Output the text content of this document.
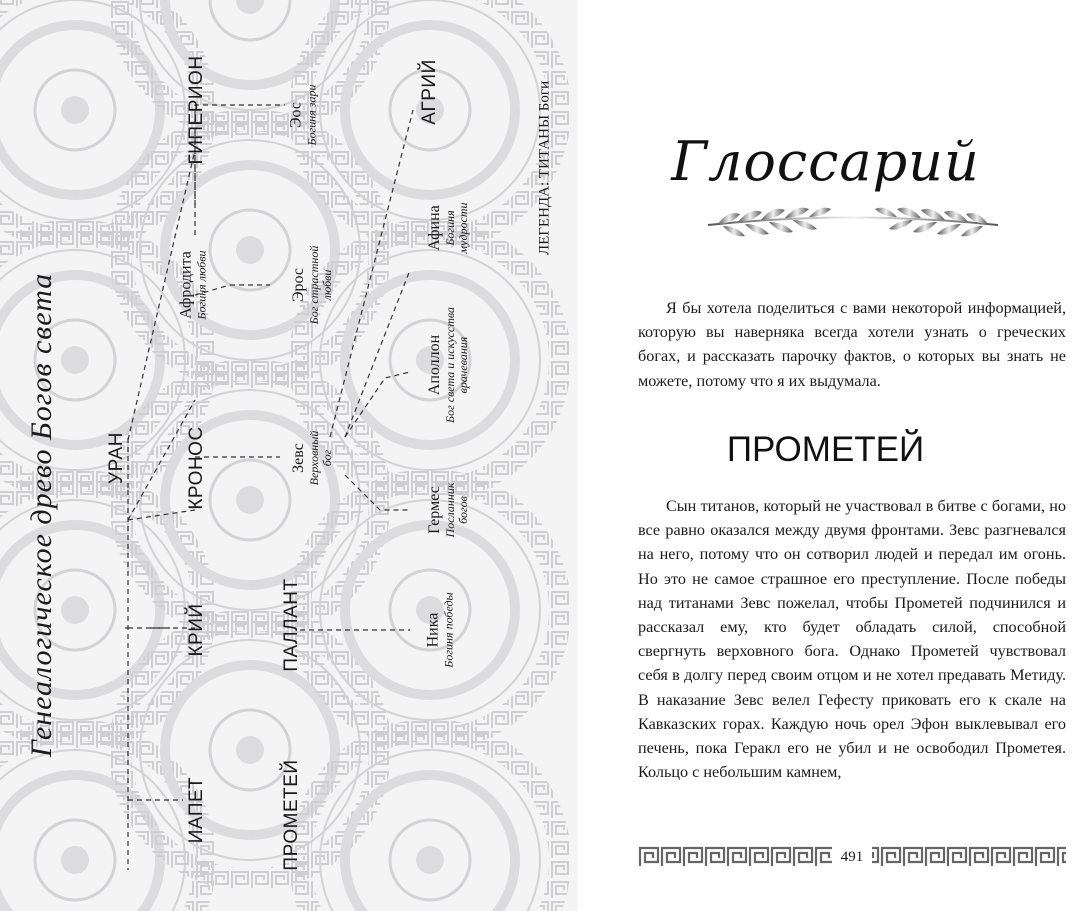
Генеалогическое древо Богов света
ЛЕГЕНДА: ТИТАНЫ Боги
УРАН	КРОНОС
КРИЙ
ИАПЕТ
ГИПЕРИОН
ПАЛЛАНТ
ПРОМЕТЕЙ
АГРИЙ
Эос Богиня зари
Афродита Богиня любви	Эрос Бог страстной любви
Афина Богиня мудрости
Аполлон Бог света и искусства врачевания
Зевс Верховный бог
Гермес Посланник богов
Ника Богиня победы
Глоссарий
Я бы хотела поделиться с вами некоторой информацией, которую вы наверняка всегда хотели узнать о греческих богах, и рассказать парочку фактов, о которых вы знать не можете, потому что я их выдумала.
ПРОМЕТЕЙ
Сын титанов, который не участвовал в битве с богами, но все равно оказался между двумя фронтами. Зевс разгневался на него, потому что он сотворил людей и передал им огонь. Но это не самое страшное его преступление. После победы над титанами Зевс пожелал, чтобы Прометей подчинился и рассказал ему, кто будет обладать силой, способной свергнуть верховного бога. Однако Прометей чувствовал себя в долгу перед своим отцом и не хотел предавать Метиду. В наказание Зевс велел Гефесту приковать его к скале на Кавказских горах. Каждую ночь орел Эфон выклевывал его печень, пока Геракл его не убил и не освободил Прометея. Кольцо с небольшим камнем,
491
